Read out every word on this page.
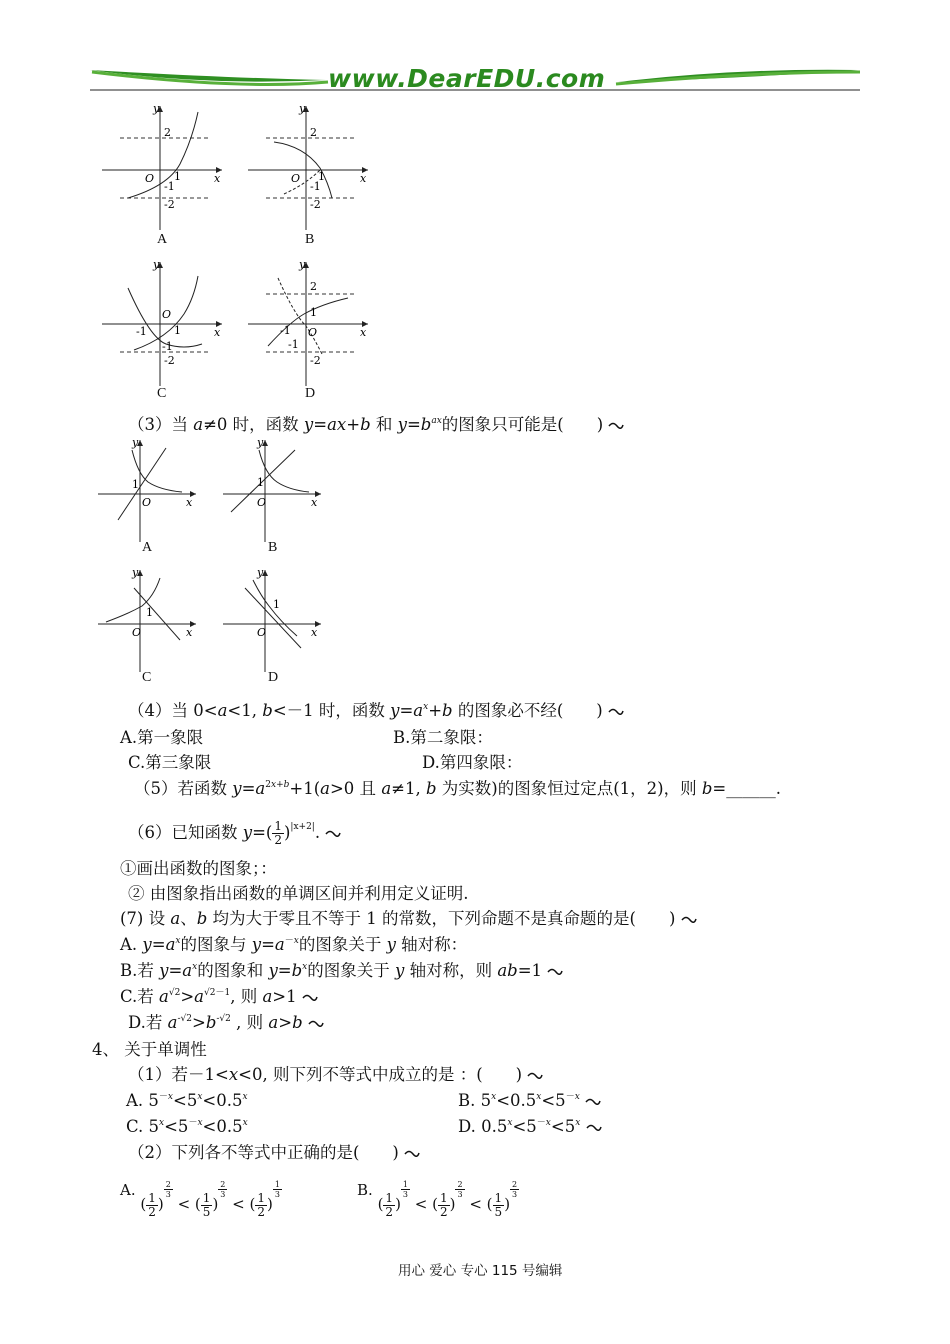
www.DearEDU.com
y
x
2
O 1
-1
-2
y
x
2
O 1
-1
-2
A	B
y
x
O
-1 1
-1
-2
y
x
2
1
O
-1
-1
-2
C	D
（3）当 a≠0 时，函数 y=ax+b 和 $y=b^{ax}$的图象只可能是(　　)
y
x
1
O
y
x
1
O
A	B
y
x
1
O
y
x
1
O
C	D
（4）当 0<a<1, b<－1 时，函数 $y=a^x+b$ 的图象必不经(　　)
A.第一象限	B.第二象限：
C.第三象限	D.第四象限：
（5）若函数 $y=a^{2x+b}+1(a>0$ 且 a≠1, b 为实数)的图象恒过定点(1，2)，则 b=______.
（6）已知函数 $y=( \frac{1}{2} )^{|x+2|}$.
①画出函数的图象；：
② 由图象指出函数的单调区间并利用定义证明.
(7) 设 a、b 均为大于零且不等于 1 的常数，下列命题不是真命题的是(　　)
A. $y=a^x$的图象与 $y=a^{-x}$的图象关于 y 轴对称：
B.若 $y=a^x$的图象和 $y=b^x$的图象关于 y 轴对称，则 ab=1
C.若 $a^{√2}>a^{√2-1}$, 则 a>1
D.若 $a^{-√2}>b^{-√2}$ , 则 a>b
4、 关于单调性
（1）若－1<x<0, 则下列不等式中成立的是 ：(　　)
A. $5^{-x}<5^x<0.5^x$	B. $5^x<0.5^x<5^{-x}$
C. $5^x<5^{-x}<0.5^x$	D. $0.5^x<5^{-x}<5^x$
（2）下列各不等式中正确的是(　　)
A. ( $\frac{1}{2}$ )
$\frac{2}{3}$
< ( $\frac{1}{5}$ )
$\frac{2}{3}$
< ( $\frac{1}{2}$ )
$\frac{1}{3}$	B. ( $\frac{1}{2}$ )
$\frac{1}{3}$
< ( $\frac{1}{2}$ )
$\frac{2}{3}$
< ( $\frac{1}{5}$ )
$\frac{2}{3}$
用心 爱心 专心 115 号编辑
